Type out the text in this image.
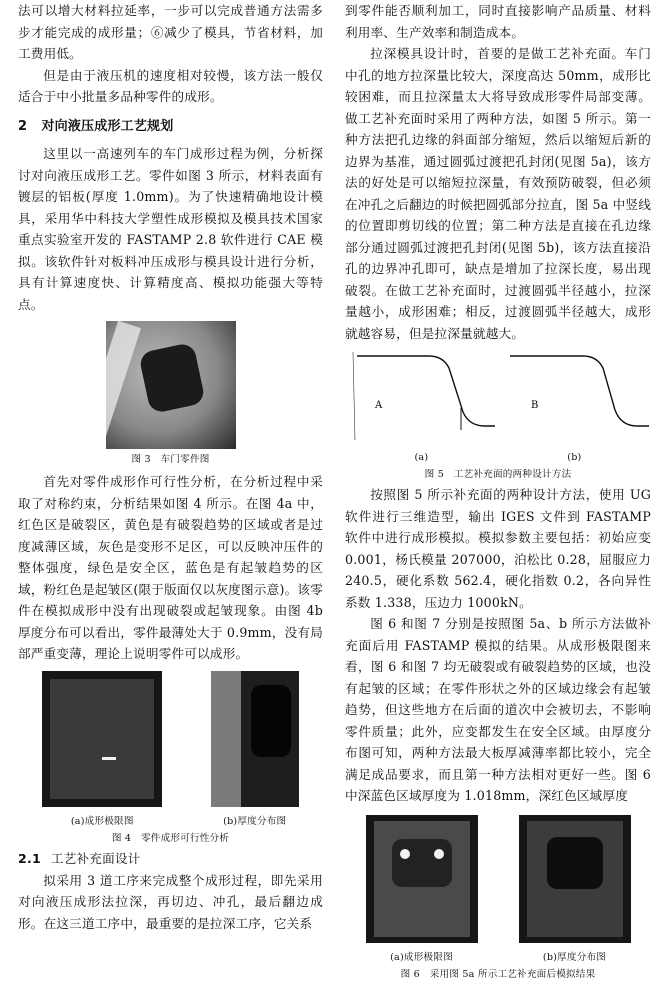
法可以增大材料拉延率，一步可以完成普通方法需多步才能完成的成形量；⑥减少了模具，节省材料，加工费用低。

但是由于液压机的速度相对较慢，该方法一般仅适合于中小批量多品种零件的成形。

2 对向液压成形工艺规划

这里以一高速列车的车门成形过程为例，分析探讨对向液压成形工艺。零件如图 3 所示，材料表面有镀层的铝板(厚度 1.0mm)。为了快速精确地设计模具，采用华中科技大学塑性成形模拟及模具技术国家重点实验室开发的 FASTAMP 2.8 软件进行 CAE 模拟。该软件针对板料冲压成形与模具设计进行分析，具有计算速度快、计算精度高、模拟功能强大等特点。

图 3　车门零件图

首先对零件成形作可行性分析，在分析过程中采取了对称约束，分析结果如图 4 所示。在图 4a 中，红色区是破裂区，黄色是有破裂趋势的区域或者是过度减薄区域，灰色是变形不足区，可以反映冲压件的整体强度，绿色是安全区，蓝色是有起皱趋势的区域，粉红色是起皱区(限于版面仅以灰度图示意)。该零件在模拟成形中没有出现破裂或起皱现象。由图 4b 厚度分布可以看出，零件最薄处大于 0.9mm，没有局部严重变薄，理论上说明零件可以成形。

(a)成形极限图	(b)厚度分布图

图 4　零件成形可行性分析

2.1 工艺补充面设计

拟采用 3 道工序来完成整个成形过程，即先采用对向液压成形法拉深，再切边、冲孔，最后翻边成形。在这三道工序中，最重要的是拉深工序，它关系

到零件能否顺利加工，同时直接影响产品质量、材料利用率、生产效率和制造成本。

拉深模具设计时，首要的是做工艺补充面。车门中孔的地方拉深量比较大，深度高达 50mm，成形比较困难，而且拉深量太大将导致成形零件局部变薄。做工艺补充面时采用了两种方法，如图 5 所示。第一种方法把孔边缘的斜面部分缩短，然后以缩短后新的边界为基准，通过圆弧过渡把孔封闭(见图 5a)，该方法的好处是可以缩短拉深量，有效预防破裂，但必须在冲孔之后翻边的时候把圆弧部分拉直，图 5a 中竖线的位置即剪切线的位置；第二种方法是直接在孔边缘部分通过圆弧过渡把孔封闭(见图 5b)，该方法直接沿孔的边界冲孔即可，缺点是增加了拉深长度，易出现破裂。在做工艺补充面时，过渡圆弧半径越小，拉深量越小，成形困难；相反，过渡圆弧半径越大，成形就越容易，但是拉深量就越大。

A	B
(a)	(b)

图 5　工艺补充面的两种设计方法

按照图 5 所示补充面的两种设计方法，使用 UG 软件进行三维造型，输出 IGES 文件到 FASTAMP 软件中进行成形模拟。模拟参数主要包括：初始应变 0.001，杨氏模量 207000，泊松比 0.28，屈服应力 240.5，硬化系数 562.4，硬化指数 0.2，各向异性系数 1.338，压边力 1000kN。

图 6 和图 7 分别是按照图 5a、b 所示方法做补充面后用 FASTAMP 模拟的结果。从成形极限图来看，图 6 和图 7 均无破裂或有破裂趋势的区域，也没有起皱的区域；在零件形状之外的区域边缘会有起皱趋势，但这些地方在后面的道次中会被切去，不影响零件质量；此外，应变都发生在安全区域。由厚度分布图可知，两种方法最大板厚减薄率都比较小，完全满足成品要求，而且第一种方法相对更好一些。图 6 中深蓝色区域厚度为 1.018mm，深红色区域厚度

(a)成形极限图	(b)厚度分布图

图 6　采用图 5a 所示工艺补充面后模拟结果
